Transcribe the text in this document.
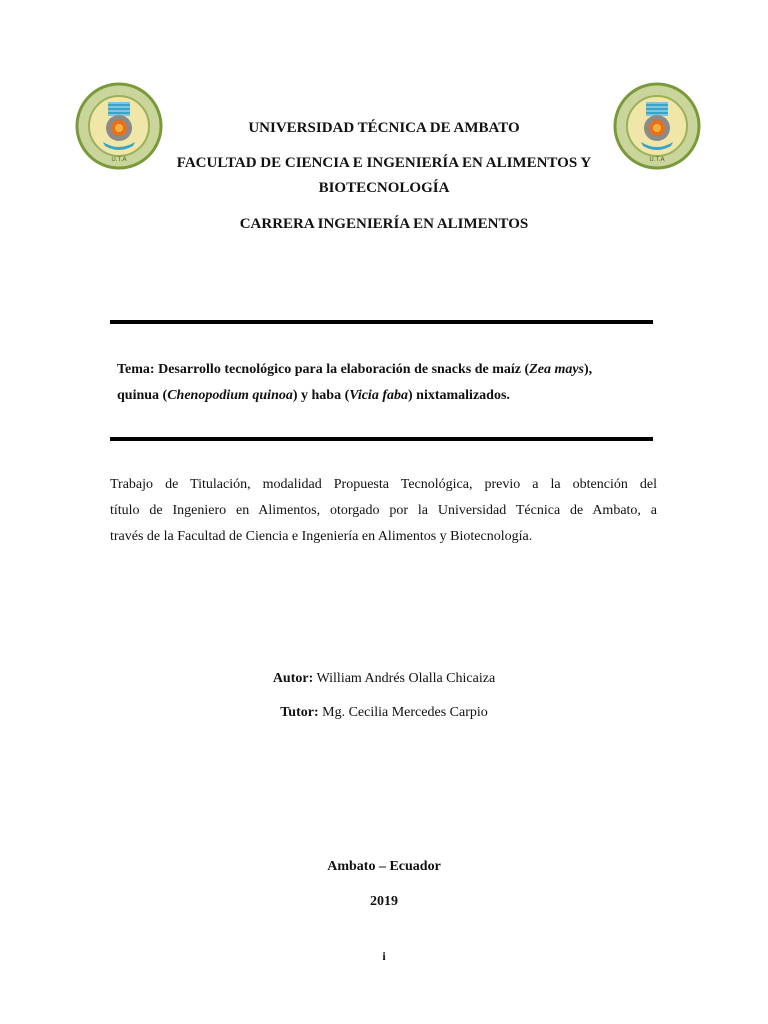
U.T.A	U.T.A
UNIVERSIDAD TÉCNICA DE AMBATO
FACULTAD DE CIENCIA E INGENIERÍA EN ALIMENTOS Y
BIOTECNOLOGÍA
CARRERA INGENIERÍA EN ALIMENTOS
Tema: Desarrollo tecnológico para la elaboración de snacks de maíz (Zea mays),
quinua (Chenopodium quinoa) y haba (Vicia faba) nixtamalizados.
Trabajo de Titulación, modalidad Propuesta Tecnológica, previo a la obtención del
título de Ingeniero en Alimentos, otorgado por la Universidad Técnica de Ambato, a
través de la Facultad de Ciencia e Ingeniería en Alimentos y Biotecnología.
Autor: William Andrés Olalla Chicaiza
Tutor: Mg. Cecilia Mercedes Carpio
Ambato – Ecuador
2019
i
